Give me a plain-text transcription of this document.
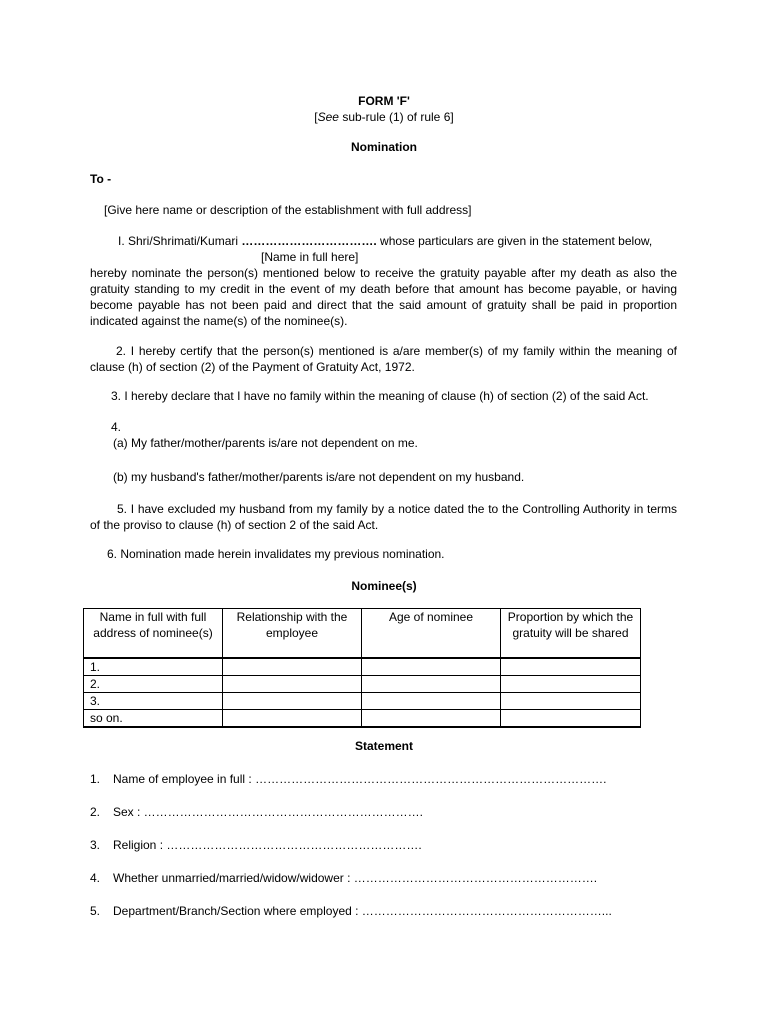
FORM 'F'
[See sub-rule (1) of rule 6]
Nomination
To -
[Give here name or description of the establishment with full address]
I. Shri/Shrimati/Kumari ……………………………. whose particulars are given in the statement below,
[Name in full here]
hereby nominate the person(s) mentioned below to receive the gratuity payable after my death as also the gratuity standing to my credit in the event of my death before that amount has become payable, or having become payable has not been paid and direct that the said amount of gratuity shall be paid in proportion indicated against the name(s) of the nominee(s).
2. I hereby certify that the person(s) mentioned is a/are member(s) of my family within the meaning of clause (h) of section (2) of the Payment of Gratuity Act, 1972.
3. I hereby declare that I have no family within the meaning of clause (h) of section (2) of the said Act.
4.
(a) My father/mother/parents is/are not dependent on me.
(b) my husband's father/mother/parents is/are not dependent on my husband.
5. I have excluded my husband from my family by a notice dated the to the Controlling Authority in terms of the proviso to clause (h) of section 2 of the said Act.
6. Nomination made herein invalidates my previous nomination.
Nominee(s)
Name in full with full address of nominee(s)	Relationship with the employee	Age of nominee	Proportion by which the gratuity will be shared
1.			
2.			
3.			
so on.			
Statement
1. Name of employee in full : …………………………………………………………………………….
2. Sex : …………………………………………………………….
3. Religion : ……………………………………………………….
4. Whether unmarried/married/widow/widower : …………………………………………………….
5. Department/Branch/Section where employed : ……………………………………………………...
